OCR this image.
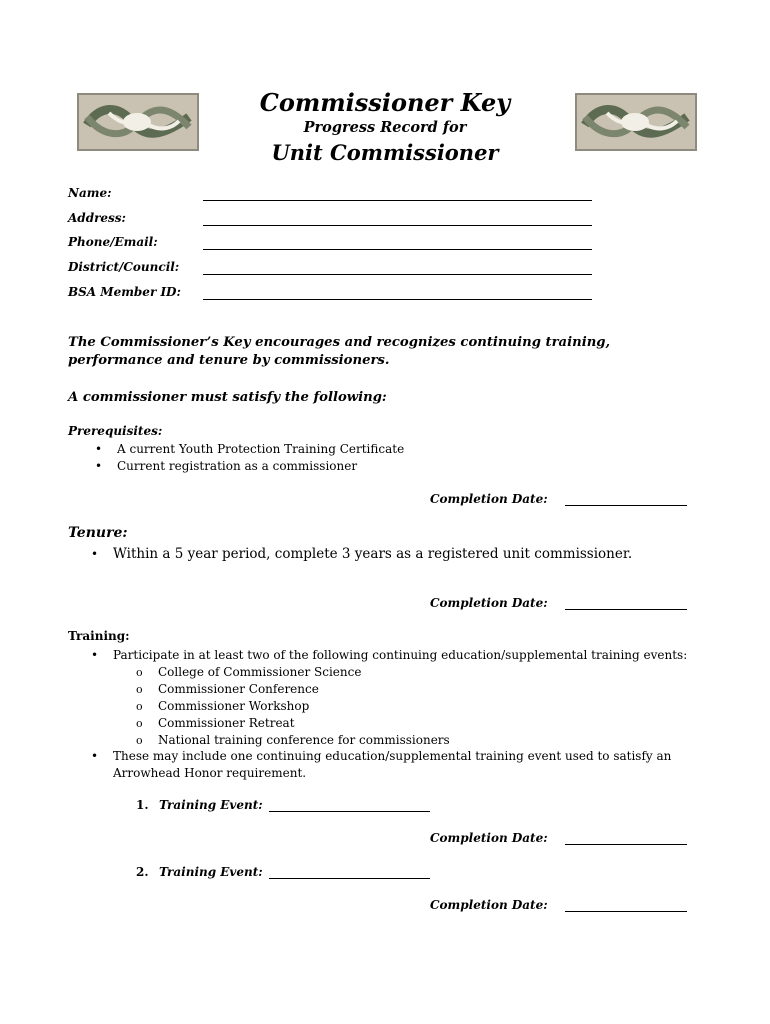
Commissioner Key
Progress Record for
Unit Commissioner
Name:
Address:
Phone/Email:
District/Council:
BSA Member ID:
The Commissioner’s Key encourages and recognizes continuing training, performance and tenure by commissioners.
A commissioner must satisfy the following:
Prerequisites:
• A current Youth Protection Training Certificate
• Current registration as a commissioner
Completion Date:
Tenure:
• Within a 5 year period, complete 3 years as a registered unit commissioner.
Completion Date:
Training:
• Participate in at least two of the following continuing education/supplemental training events:
o College of Commissioner Science
o Commissioner Conference
o Commissioner Workshop
o Commissioner Retreat
o National training conference for commissioners
• These may include one continuing education/supplemental training event used to satisfy an
Arrowhead Honor requirement.
1. Training Event:
Completion Date:
2. Training Event:
Completion Date:
